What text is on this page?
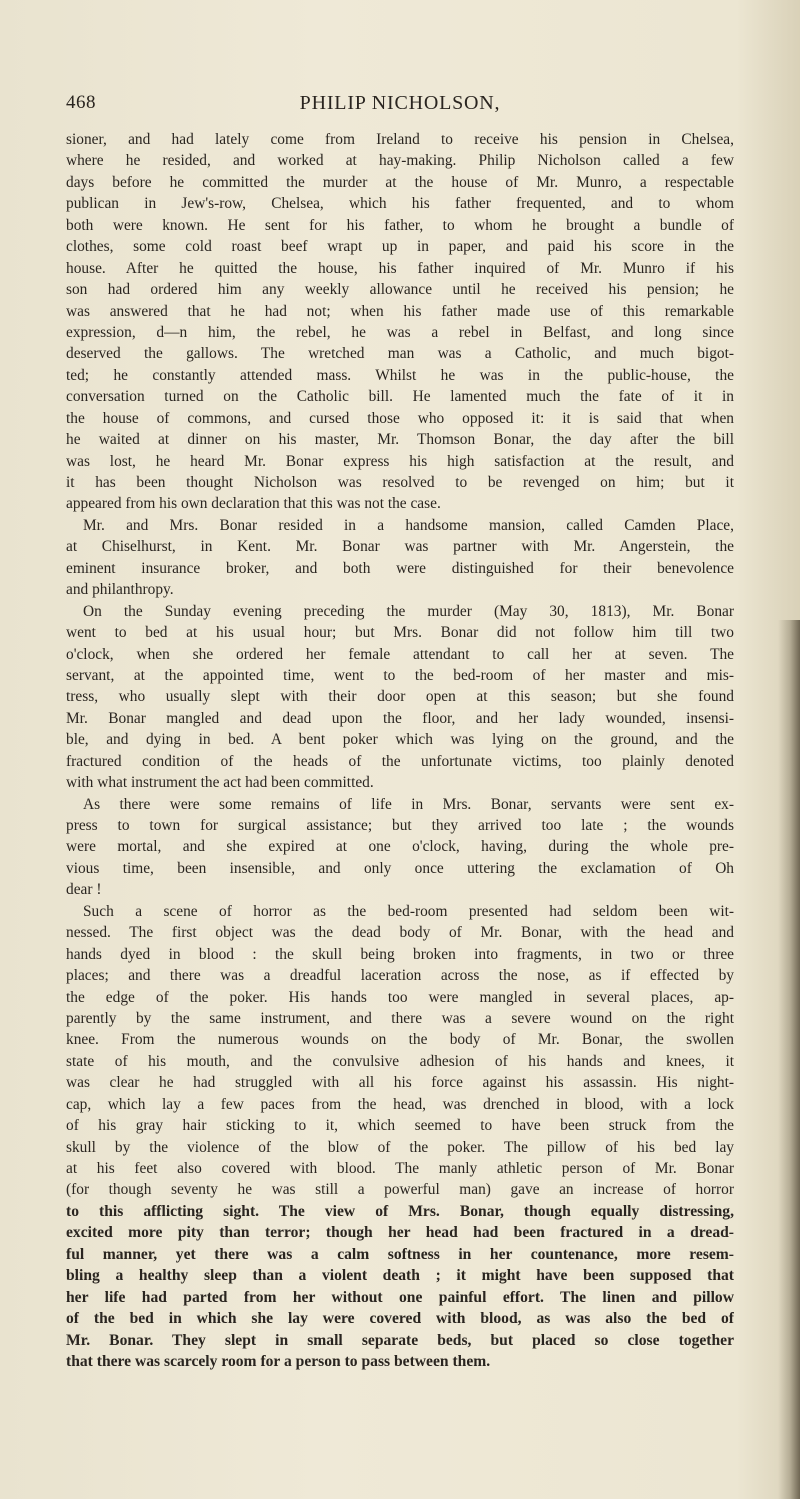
468	PHILIP NICHOLSON,
sioner, and had lately come from Ireland to receive his pension in Chelsea,
where he resided, and worked at hay-making. Philip Nicholson called a few
days before he committed the murder at the house of Mr. Munro, a respectable
publican in Jew's-row, Chelsea, which his father frequented, and to whom
both were known. He sent for his father, to whom he brought a bundle of
clothes, some cold roast beef wrapt up in paper, and paid his score in the
house. After he quitted the house, his father inquired of Mr. Munro if his
son had ordered him any weekly allowance until he received his pension; he
was answered that he had not; when his father made use of this remarkable
expression, d—n him, the rebel, he was a rebel in Belfast, and long since
deserved the gallows. The wretched man was a Catholic, and much bigot-
ted; he constantly attended mass. Whilst he was in the public-house, the
conversation turned on the Catholic bill. He lamented much the fate of it in
the house of commons, and cursed those who opposed it: it is said that when
he waited at dinner on his master, Mr. Thomson Bonar, the day after the bill
was lost, he heard Mr. Bonar express his high satisfaction at the result, and
it has been thought Nicholson was resolved to be revenged on him; but it
appeared from his own declaration that this was not the case.
Mr. and Mrs. Bonar resided in a handsome mansion, called Camden Place,
at Chiselhurst, in Kent. Mr. Bonar was partner with Mr. Angerstein, the
eminent insurance broker, and both were distinguished for their benevolence
and philanthropy.
On the Sunday evening preceding the murder (May 30, 1813), Mr. Bonar
went to bed at his usual hour; but Mrs. Bonar did not follow him till two
o'clock, when she ordered her female attendant to call her at seven. The
servant, at the appointed time, went to the bed-room of her master and mis-
tress, who usually slept with their door open at this season; but she found
Mr. Bonar mangled and dead upon the floor, and her lady wounded, insensi-
ble, and dying in bed. A bent poker which was lying on the ground, and the
fractured condition of the heads of the unfortunate victims, too plainly denoted
with what instrument the act had been committed.
As there were some remains of life in Mrs. Bonar, servants were sent ex-
press to town for surgical assistance; but they arrived too late ; the wounds
were mortal, and she expired at one o'clock, having, during the whole pre-
vious time, been insensible, and only once uttering the exclamation of Oh
dear !
Such a scene of horror as the bed-room presented had seldom been wit-
nessed. The first object was the dead body of Mr. Bonar, with the head and
hands dyed in blood : the skull being broken into fragments, in two or three
places; and there was a dreadful laceration across the nose, as if effected by
the edge of the poker. His hands too were mangled in several places, ap-
parently by the same instrument, and there was a severe wound on the right
knee. From the numerous wounds on the body of Mr. Bonar, the swollen
state of his mouth, and the convulsive adhesion of his hands and knees, it
was clear he had struggled with all his force against his assassin. His night-
cap, which lay a few paces from the head, was drenched in blood, with a lock
of his gray hair sticking to it, which seemed to have been struck from the
skull by the violence of the blow of the poker. The pillow of his bed lay
at his feet also covered with blood. The manly athletic person of Mr. Bonar
(for though seventy he was still a powerful man) gave an increase of horror
to this afflicting sight. The view of Mrs. Bonar, though equally distressing,
excited more pity than terror; though her head had been fractured in a dread-
ful manner, yet there was a calm softness in her countenance, more resem-
bling a healthy sleep than a violent death ; it might have been supposed that
her life had parted from her without one painful effort. The linen and pillow
of the bed in which she lay were covered with blood, as was also the bed of
Mr. Bonar. They slept in small separate beds, but placed so close together
that there was scarcely room for a person to pass between them.
